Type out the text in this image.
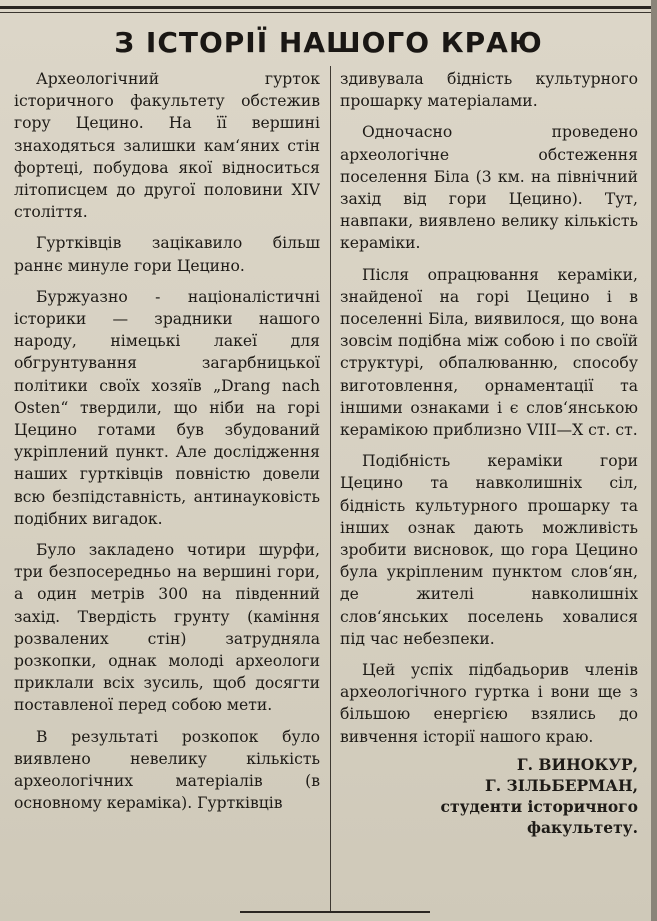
З ІСТОРІЇ НАШОГО КРАЮ

Археологічний гурток історичного факультету обстежив гору Цецино. На її вершині знаходяться залишки кам‘яних стін фортеці, побудова якої відноситься літописцем до другої половини XIV століття.

Гуртківців зацікавило більш раннє минуле гори Цецино.

Буржуазно - націоналістичні історики — зрадники нашого народу, німецькі лакеї для обгрунтування загарбницької політики своїх хозяїв „Drang nach Osten“ твердили, що ніби на горі Цецино готами був збудований укріплений пункт. Але дослідження наших гуртківців повністю довели всю безпідставність, антинауковість подібних вигадок.

Було закладено чотири шурфи, три безпосередньо на вершині гори, а один метрів 300 на південний захід. Твердість грунту (каміння розвалених стін) затрудняла розкопки, однак молоді археологи приклали всіх зусиль, щоб досягти поставленої перед собою мети.

В результаті розкопок було виявлено невелику кількість археологічних матеріалів (в основному кераміка). Гуртківців

здивувала бідність культурного прошарку матеріалами.

Одночасно проведено археологічне обстеження поселення Біла (3 км. на північний захід від гори Цецино). Тут, навпаки, виявлено велику кількість кераміки.

Після опрацювання кераміки, знайденої на горі Цецино і в поселенні Біла, виявилося, що вона зовсім подібна між собою і по своїй структурі, обпалюванню, способу виготовлення, орнаментації та іншими ознаками і є слов‘янською керамікою приблизно VIII—X ст. ст.

Подібність кераміки гори Цецино та навколишніх сіл, бідність культурного прошарку та інших ознак дають можливість зробити висновок, що гора Цецино була укріпленим пунктом слов‘ян, де жителі навколишніх слов‘янських поселень ховалися під час небезпеки.

Цей успіх підбадьорив членів археологічного гуртка і вони ще з більшою енергією взялись до вивчення історії нашого краю.

Г. ВИНОКУР,
Г. ЗІЛЬБЕРМАН,
студенти історичного
факультету.
